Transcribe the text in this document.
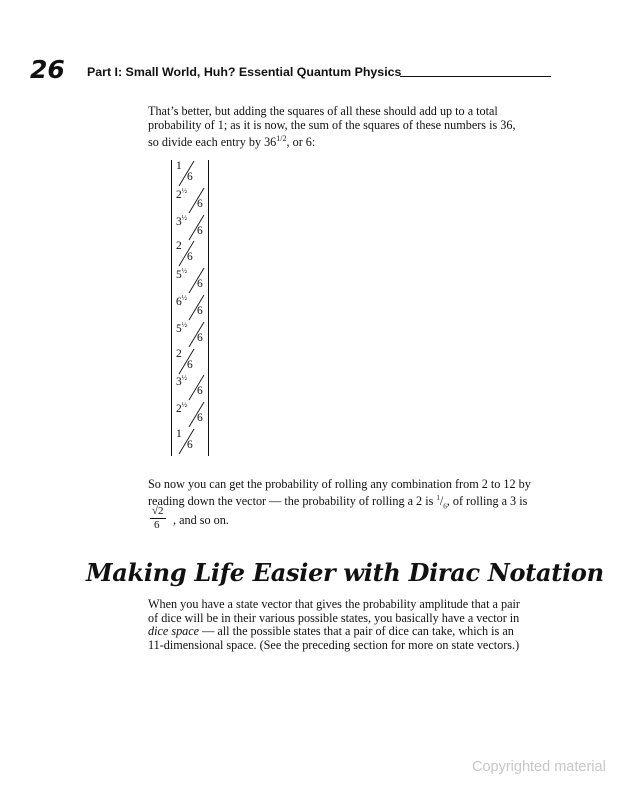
26 Part I: Small World, Huh? Essential Quantum Physics
That’s better, but adding the squares of all these should add up to a total
probability of 1; as it is now, the sum of the squares of these numbers is 36,
so divide each entry by $36^{1/2}$, or 6:
1
6
$2^{\frac{1}{2}}$
6
$3^{\frac{1}{2}}$
6
2
6
$5^{\frac{1}{2}}$
6
$6^{\frac{1}{2}}$
6
$5^{\frac{1}{2}}$
6
2
6
$3^{\frac{1}{2}}$
6
$2^{\frac{1}{2}}$
6
1
6
So now you can get the probability of rolling any combination from 2 to 12 by
reading down the vector — the probability of rolling a 2 is $^1/_6$, of rolling a 3 is
√2
6 , and so on.
Making Life Easier with Dirac Notation
When you have a state vector that gives the probability amplitude that a pair
of dice will be in their various possible states, you basically have a vector in
dice space — all the possible states that a pair of dice can take, which is an
11-dimensional space. (See the preceding section for more on state vectors.)
Copyrighted material
